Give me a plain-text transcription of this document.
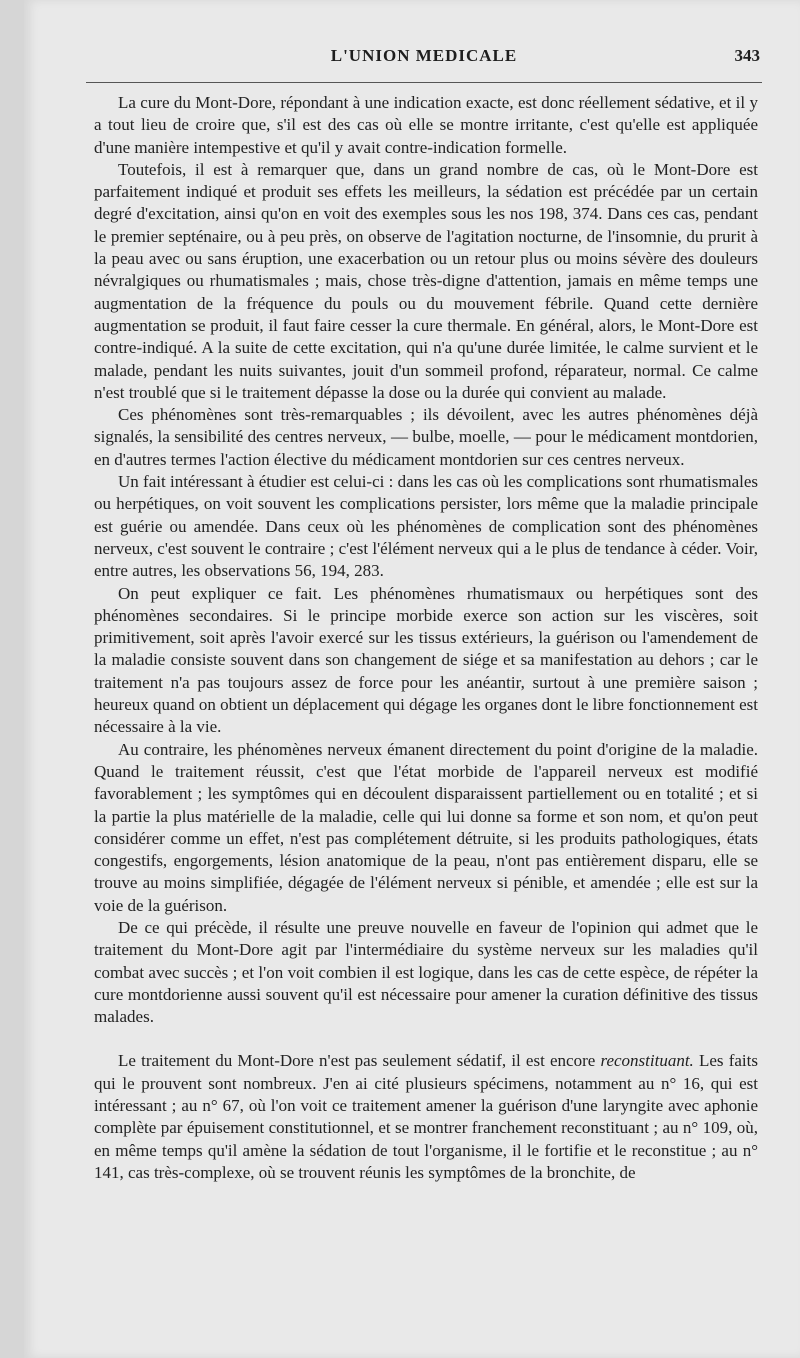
L'UNION MEDICALE	343

La cure du Mont-Dore, répondant à une indication exacte, est donc réellement sédative, et il y a tout lieu de croire que, s'il est des cas où elle se montre irritante, c'est qu'elle est appliquée d'une manière intempestive et qu'il y avait contre-indication formelle.

Toutefois, il est à remarquer que, dans un grand nombre de cas, où le Mont-Dore est parfaitement indiqué et produit ses effets les meilleurs, la sédation est précédée par un certain degré d'excitation, ainsi qu'on en voit des exemples sous les nos 198, 374. Dans ces cas, pendant le premier septénaire, ou à peu près, on observe de l'agitation nocturne, de l'insomnie, du prurit à la peau avec ou sans éruption, une exacerbation ou un retour plus ou moins sévère des douleurs névralgiques ou rhumatismales ; mais, chose très-digne d'attention, jamais en même temps une augmentation de la fréquence du pouls ou du mouvement fébrile. Quand cette dernière augmentation se produit, il faut faire cesser la cure thermale. En général, alors, le Mont-Dore est contre-indiqué. A la suite de cette excitation, qui n'a qu'une durée limitée, le calme survient et le malade, pendant les nuits suivantes, jouit d'un sommeil profond, réparateur, normal. Ce calme n'est troublé que si le traitement dépasse la dose ou la durée qui convient au malade.

Ces phénomènes sont très-remarquables ; ils dévoilent, avec les autres phénomènes déjà signalés, la sensibilité des centres nerveux, — bulbe, moelle, — pour le médicament montdorien, en d'autres termes l'action élective du médicament montdorien sur ces centres nerveux.

Un fait intéressant à étudier est celui-ci : dans les cas où les complications sont rhumatismales ou herpétiques, on voit souvent les complications persister, lors même que la maladie principale est guérie ou amendée. Dans ceux où les phénomènes de complication sont des phénomènes nerveux, c'est souvent le contraire ; c'est l'élément nerveux qui a le plus de tendance à céder. Voir, entre autres, les observations 56, 194, 283.

On peut expliquer ce fait. Les phénomènes rhumatismaux ou herpétiques sont des phénomènes secondaires. Si le principe morbide exerce son action sur les viscères, soit primitivement, soit après l'avoir exercé sur les tissus extérieurs, la guérison ou l'amendement de la maladie consiste souvent dans son changement de siége et sa manifestation au dehors ; car le traitement n'a pas toujours assez de force pour les anéantir, surtout à une première saison ; heureux quand on obtient un déplacement qui dégage les organes dont le libre fonctionnement est nécessaire à la vie.

Au contraire, les phénomènes nerveux émanent directement du point d'origine de la maladie. Quand le traitement réussit, c'est que l'état morbide de l'appareil nerveux est modifié favorablement ; les symptômes qui en découlent disparaissent partiellement ou en totalité ; et si la partie la plus matérielle de la maladie, celle qui lui donne sa forme et son nom, et qu'on peut considérer comme un effet, n'est pas complétement détruite, si les produits pathologiques, états congestifs, engorgements, lésion anatomique de la peau, n'ont pas entièrement disparu, elle se trouve au moins simplifiée, dégagée de l'élément nerveux si pénible, et amendée ; elle est sur la voie de la guérison.

De ce qui précède, il résulte une preuve nouvelle en faveur de l'opinion qui admet que le traitement du Mont-Dore agit par l'intermédiaire du système nerveux sur les maladies qu'il combat avec succès ; et l'on voit combien il est logique, dans les cas de cette espèce, de répéter la cure montdorienne aussi souvent qu'il est nécessaire pour amener la curation définitive des tissus malades.

Le traitement du Mont-Dore n'est pas seulement sédatif, il est encore reconstituant. Les faits qui le prouvent sont nombreux. J'en ai cité plusieurs spécimens, notamment au n° 16, qui est intéressant ; au n° 67, où l'on voit ce traitement amener la guérison d'une laryngite avec aphonie complète par épuisement constitutionnel, et se montrer franchement reconstituant ; au n° 109, où, en même temps qu'il amène la sédation de tout l'organisme, il le fortifie et le reconstitue ; au n° 141, cas très-complexe, où se trouvent réunis les symptômes de la bronchite, de
